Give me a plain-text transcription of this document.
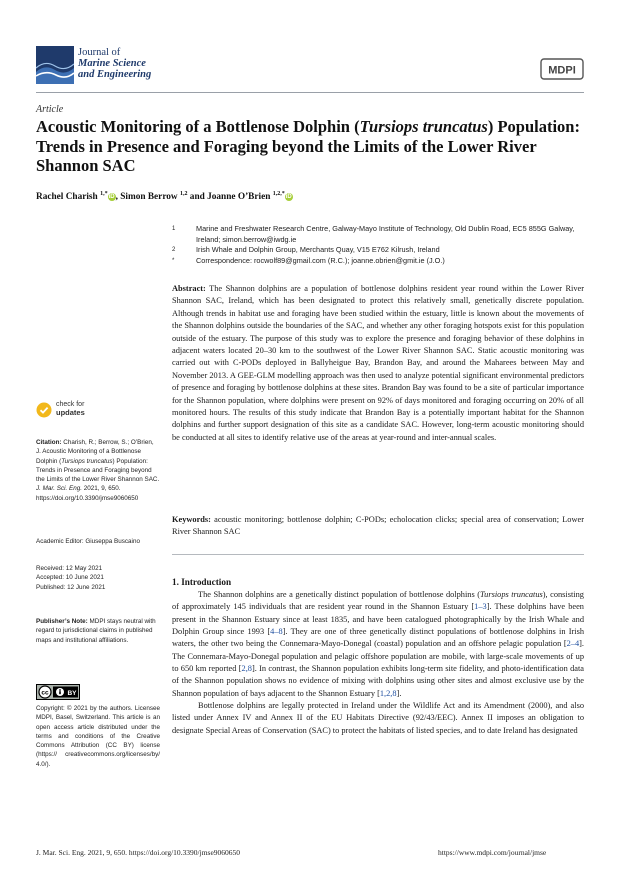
Journal of
Marine Science
and Engineering	MDPI
Article
Acoustic Monitoring of a Bottlenose Dolphin (Tursiops truncatus) Population: Trends in Presence and Foraging beyond the Limits of the Lower River Shannon SAC
Rachel Charish $^{1,*}$iD, Simon Berrow $^{1,2}$ and Joanne O’Brien $^{1,2,*}$iD
1	Marine and Freshwater Research Centre, Galway-Mayo Institute of Technology, Old Dublin Road, EC5 855G Galway, Ireland; simon.berrow@iwdg.ie
2	Irish Whale and Dolphin Group, Merchants Quay, V15 E762 Kilrush, Ireland
*	Correspondence: rocwolf89@gmail.com (R.C.); joanne.obrien@gmit.ie (J.O.)
Abstract: The Shannon dolphins are a population of bottlenose dolphins resident year round within the Lower River Shannon SAC, Ireland, which has been designated to protect this relatively small, genetically discrete population. Although trends in habitat use and foraging have been studied within the estuary, little is known about the movements of the Shannon dolphins outside the boundaries of the SAC, and whether any other foraging hotspots exist for this population outside of the estuary. The purpose of this study was to explore the presence and foraging behavior of these dolphins in adjacent waters located 20–30 km to the southwest of the Lower River Shannon SAC. Static acoustic monitoring was carried out with C-PODs deployed in Ballyheigue Bay, Brandon Bay, and around the Maharees between May and November 2013. A GEE-GLM modelling approach was then used to analyze potential significant environmental predictors of presence and foraging by bottlenose dolphins at these sites. Brandon Bay was found to be a site of particular importance for the Shannon population, where dolphins were present on 92% of days monitored and foraging occurring on 20% of all monitored hours. The results of this study indicate that Brandon Bay is a potentially important habitat for the Shannon dolphins and further support designation of this site as a candidate SAC. However, long-term acoustic monitoring should be conducted at all sites to identify relative use of the areas at year-round and inter-annual scales.
Keywords: acoustic monitoring; bottlenose dolphin; C-PODs; echolocation clicks; special area of conservation; Lower River Shannon SAC
1. Introduction

The Shannon dolphins are a genetically distinct population of bottlenose dolphins (Tursiops truncatus), consisting of approximately 145 individuals that are resident year round in the Shannon Estuary [1–3]. These dolphins have been present in the Shannon Estuary since at least 1835, and have been catalogued photographically by the Irish Whale and Dolphin Group since 1993 [4–8]. They are one of three genetically distinct populations of bottlenose dolphins in Irish waters, the other two being the Connemara-Mayo-Donegal (coastal) population and an offshore pelagic population [2–4]. The Connemara-Mayo-Donegal population and pelagic offshore population are mobile, with large-scale movements of up to 650 km reported [2,8]. In contrast, the Shannon population exhibits long-term site fidelity, and photo-identification data of the Shannon population shows no evidence of mixing with dolphins using other sites and almost exclusive use by the Shannon population of bays adjacent to the Shannon Estuary [1,2,8].

Bottlenose dolphins are legally protected in Ireland under the Wildlife Act and its Amendment (2000), and also listed under Annex IV and Annex II of the EU Habitats Directive (92/43/EEC). Annex II imposes an obligation to designate Special Areas of Conservation (SAC) to protect the habitats of listed species, and to date Ireland has designated

check for
updates
Citation: Charish, R.; Berrow, S.; O’Brien, J. Acoustic Monitoring of a Bottlenose Dolphin (Tursiops truncatus) Population: Trends in Presence and Foraging beyond the Limits of the Lower River Shannon SAC. J. Mar. Sci. Eng. 2021, 9, 650. https://doi.org/10.3390/jmse9060650
Academic Editor: Giuseppa Buscaino
Received: 12 May 2021
Accepted: 10 June 2021
Published: 12 June 2021
Publisher’s Note: MDPI stays neutral with regard to jurisdictional claims in published maps and institutional affiliations.
cc	BY
Copyright: © 2021 by the authors. Licensee MDPI, Basel, Switzerland. This article is an open access article distributed under the terms and conditions of the Creative Commons Attribution (CC BY) license (https:// creativecommons.org/licenses/by/ 4.0/).
J. Mar. Sci. Eng. 2021, 9, 650. https://doi.org/10.3390/jmse9060650	https://www.mdpi.com/journal/jmse
